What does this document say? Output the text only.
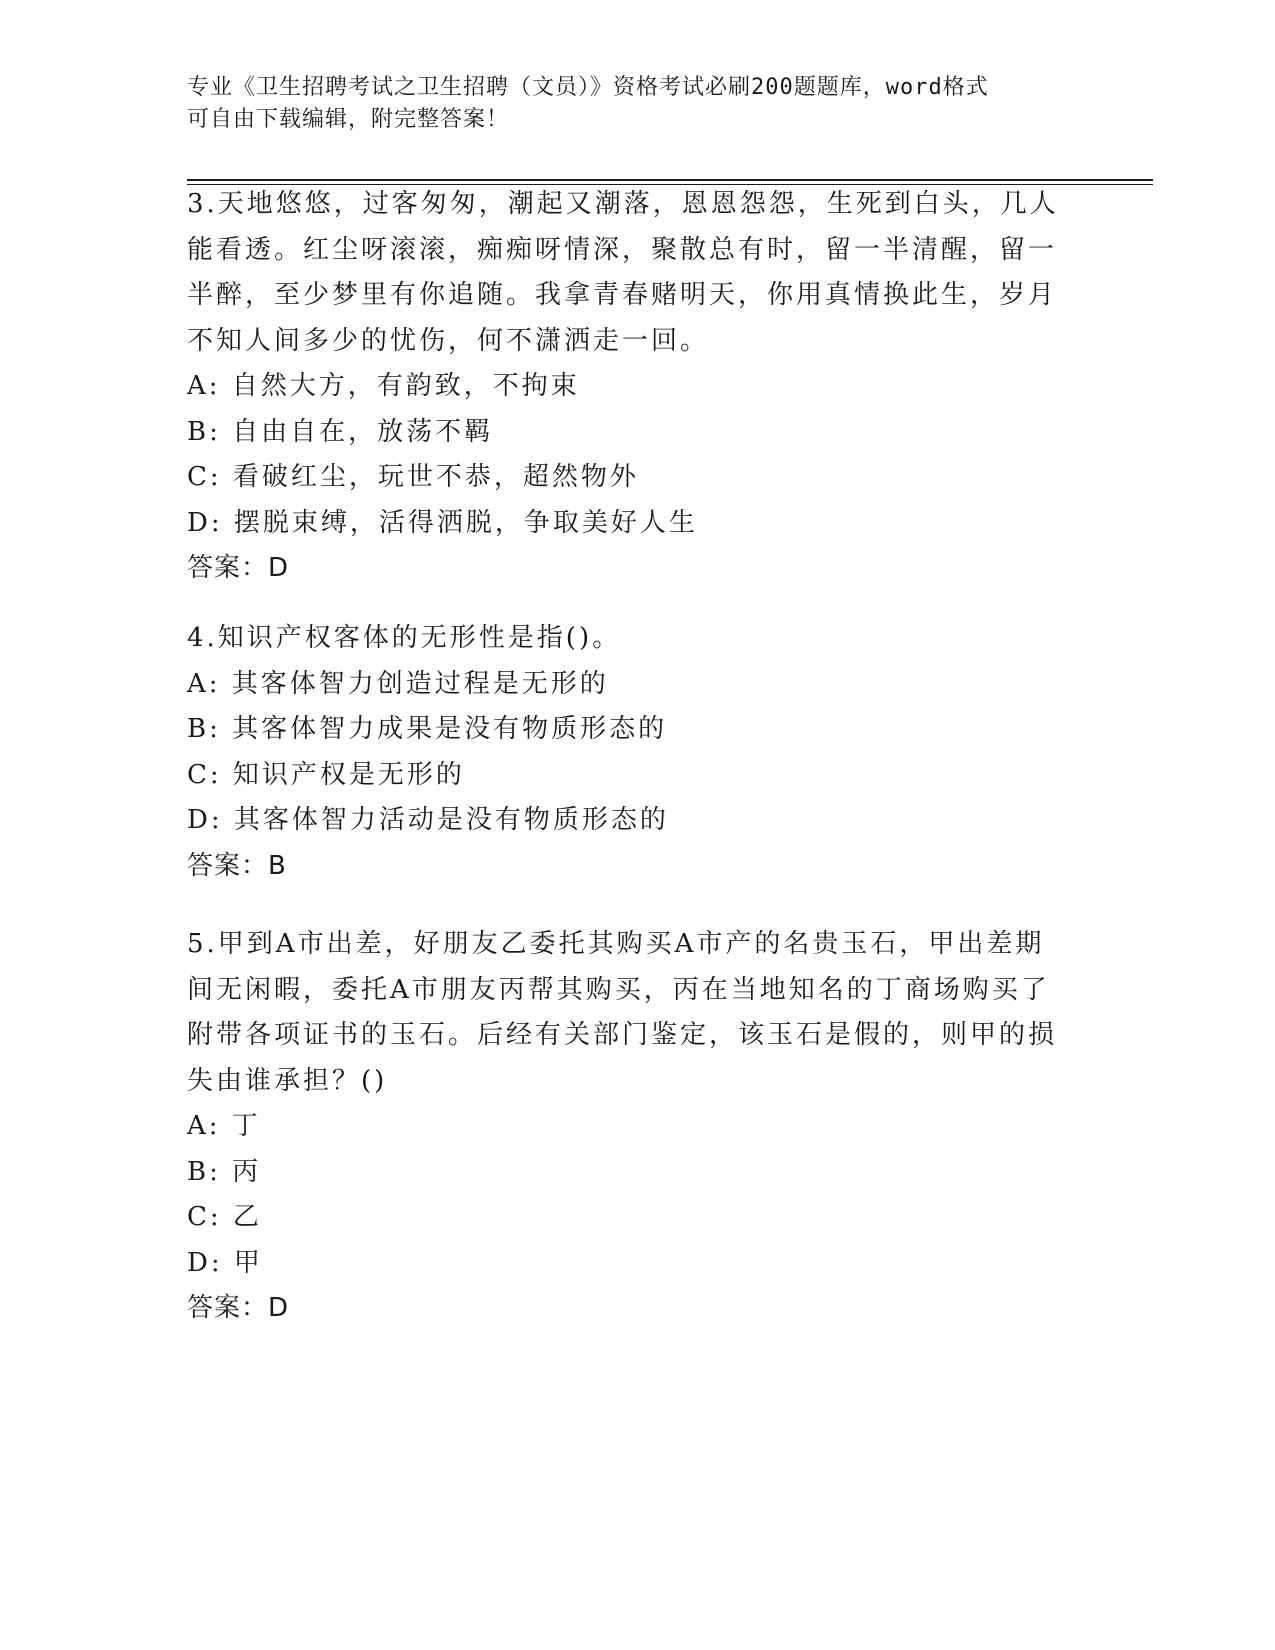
专业《卫生招聘考试之卫生招聘（文员）》资格考试必刷200题题库，word格式
可自由下载编辑，附完整答案！

3.天地悠悠，过客匆匆，潮起又潮落，恩恩怨怨，生死到白头，几人能看透。红尘呀滚滚，痴痴呀情深，聚散总有时，留一半清醒，留一半醉，至少梦里有你追随。我拿青春赌明天，你用真情换此生，岁月不知人间多少的忧伤，何不潇洒走一回。

A: 自然大方，有韵致，不拘束

B: 自由自在，放荡不羁

C: 看破红尘，玩世不恭，超然物外

D: 摆脱束缚，活得洒脱，争取美好人生

答案：D

4.知识产权客体的无形性是指()。

A: 其客体智力创造过程是无形的

B: 其客体智力成果是没有物质形态的

C: 知识产权是无形的

D: 其客体智力活动是没有物质形态的

答案：B

5.甲到A市出差，好朋友乙委托其购买A市产的名贵玉石，甲出差期间无闲暇，委托A市朋友丙帮其购买，丙在当地知名的丁商场购买了附带各项证书的玉石。后经有关部门鉴定，该玉石是假的，则甲的损失由谁承担？()

A: 丁

B: 丙

C: 乙

D: 甲

答案：D
